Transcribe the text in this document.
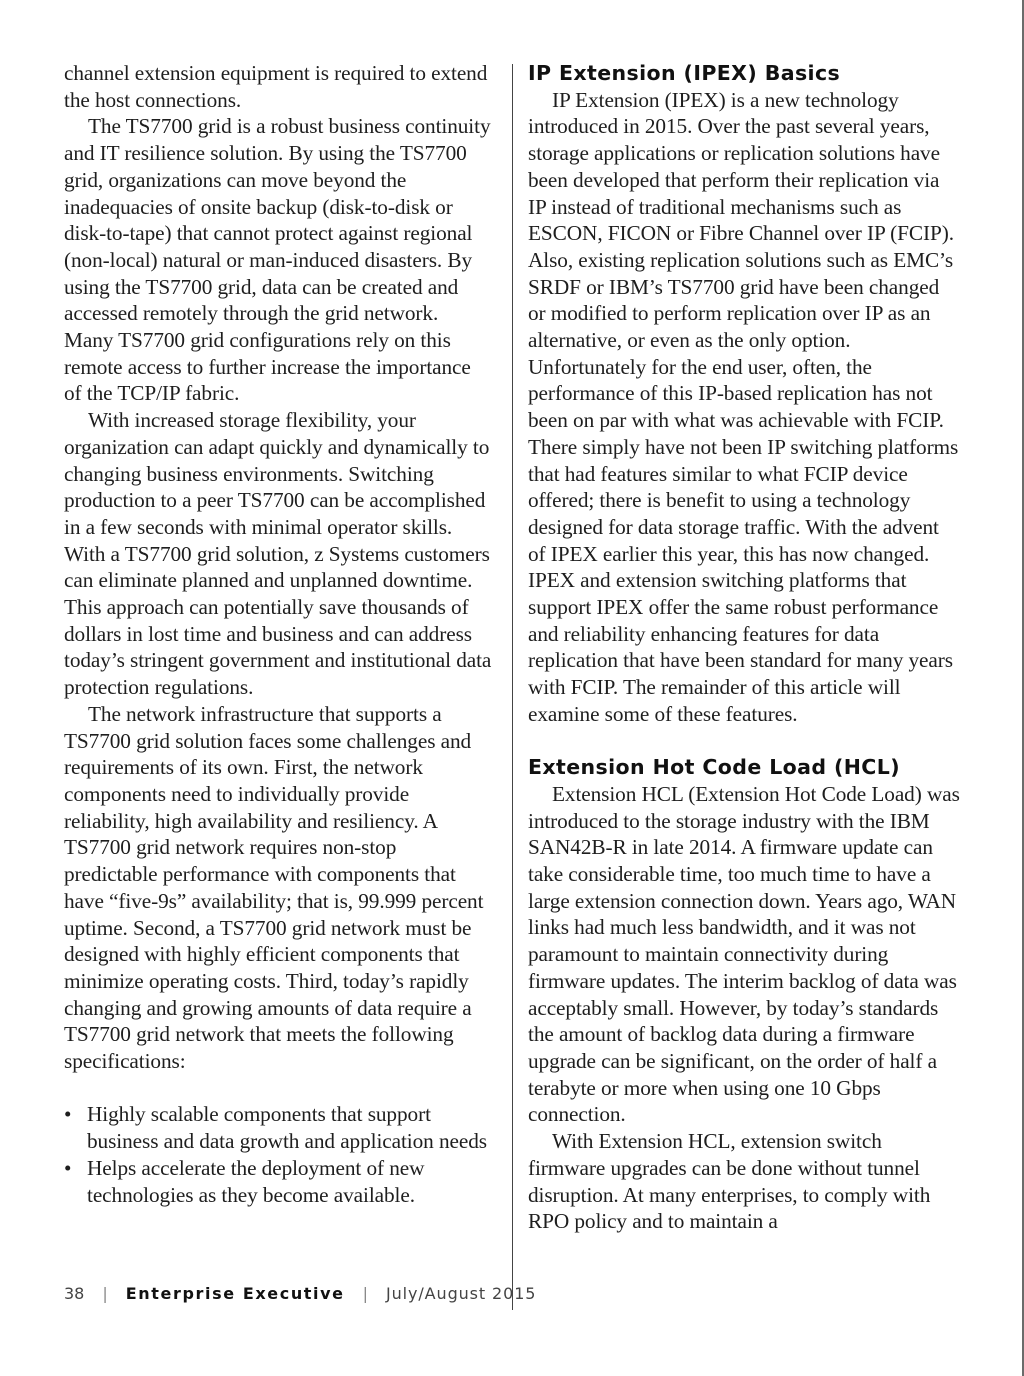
channel extension equipment is required to extend the host connections.

The TS7700 grid is a robust business continuity and IT resilience solution. By using the TS7700 grid, organizations can move beyond the inadequacies of onsite backup (disk-to-disk or disk-to-tape) that cannot protect against regional (non-local) natural or man-induced disasters. By using the TS7700 grid, data can be created and accessed remotely through the grid network. Many TS7700 grid configurations rely on this remote access to further increase the importance of the TCP/IP fabric.

With increased storage flexibility, your organization can adapt quickly and dynamically to changing business environments. Switching production to a peer TS7700 can be accomplished in a few seconds with minimal operator skills. With a TS7700 grid solution, z Systems customers can eliminate planned and unplanned downtime. This approach can potentially save thousands of dollars in lost time and business and can address today’s stringent government and institutional data protection regulations.

The network infrastructure that supports a TS7700 grid solution faces some challenges and requirements of its own. First, the network components need to individually provide reliability, high availability and resiliency. A TS7700 grid network requires non-stop predictable performance with components that have “five-9s” availability; that is, 99.999 percent uptime. Second, a TS7700 grid network must be designed with highly efficient components that minimize operating costs. Third, today’s rapidly changing and growing amounts of data require a TS7700 grid network that meets the following specifications:

• Highly scalable components that support business and data growth and application needs
• Helps accelerate the deployment of new technologies as they become available.
IP Extension (IPEX) Basics

IP Extension (IPEX) is a new technology introduced in 2015. Over the past several years, storage applications or replication solutions have been developed that perform their replication via IP instead of traditional mechanisms such as ESCON, FICON or Fibre Channel over IP (FCIP). Also, existing replication solutions such as EMC’s SRDF or IBM’s TS7700 grid have been changed or modified to perform replication over IP as an alternative, or even as the only option. Unfortunately for the end user, often, the performance of this IP-based replication has not been on par with what was achievable with FCIP. There simply have not been IP switching platforms that had features similar to what FCIP device offered; there is benefit to using a technology designed for data storage traffic. With the advent of IPEX earlier this year, this has now changed. IPEX and extension switching platforms that support IPEX offer the same robust performance and reliability enhancing features for data replication that have been standard for many years with FCIP. The remainder of this article will examine some of these features.

Extension Hot Code Load (HCL)

Extension HCL (Extension Hot Code Load) was introduced to the storage industry with the IBM SAN42B-R in late 2014. A firmware update can take considerable time, too much time to have a large extension connection down. Years ago, WAN links had much less bandwidth, and it was not paramount to maintain connectivity during firmware updates. The interim backlog of data was acceptably small. However, by today’s standards the amount of backlog data during a firmware upgrade can be significant, on the order of half a terabyte or more when using one 10 Gbps connection.

With Extension HCL, extension switch firmware upgrades can be done without tunnel disruption. At many enterprises, to comply with RPO policy and to maintain a

38 | Enterprise Executive | July/August 2015
